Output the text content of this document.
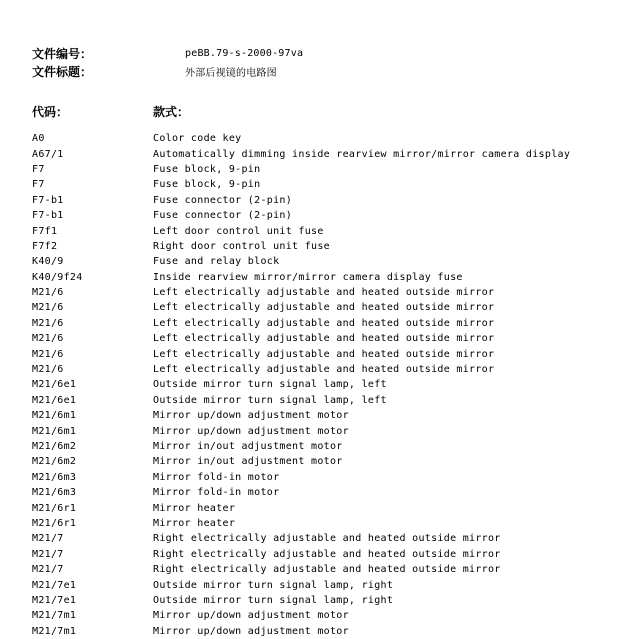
文件编号：	peBB.79-s-2000-97va
文件标题：	外部后视镜的电路图
代码：	款式：
A0	Color code key
A67/1	Automatically dimming inside rearview mirror/mirror camera display
F7	Fuse block, 9-pin
F7	Fuse block, 9-pin
F7-b1	Fuse connector (2-pin)
F7-b1	Fuse connector (2-pin)
F7f1	Left door control unit fuse
F7f2	Right door control unit fuse
K40/9	Fuse and relay block
K40/9f24	Inside rearview mirror/mirror camera display fuse
M21/6	Left electrically adjustable and heated outside mirror
M21/6	Left electrically adjustable and heated outside mirror
M21/6	Left electrically adjustable and heated outside mirror
M21/6	Left electrically adjustable and heated outside mirror
M21/6	Left electrically adjustable and heated outside mirror
M21/6	Left electrically adjustable and heated outside mirror
M21/6e1	Outside mirror turn signal lamp, left
M21/6e1	Outside mirror turn signal lamp, left
M21/6m1	Mirror up/down adjustment motor
M21/6m1	Mirror up/down adjustment motor
M21/6m2	Mirror in/out adjustment motor
M21/6m2	Mirror in/out adjustment motor
M21/6m3	Mirror fold-in motor
M21/6m3	Mirror fold-in motor
M21/6r1	Mirror heater
M21/6r1	Mirror heater
M21/7	Right electrically adjustable and heated outside mirror
M21/7	Right electrically adjustable and heated outside mirror
M21/7	Right electrically adjustable and heated outside mirror
M21/7e1	Outside mirror turn signal lamp, right
M21/7e1	Outside mirror turn signal lamp, right
M21/7m1	Mirror up/down adjustment motor
M21/7m1	Mirror up/down adjustment motor
